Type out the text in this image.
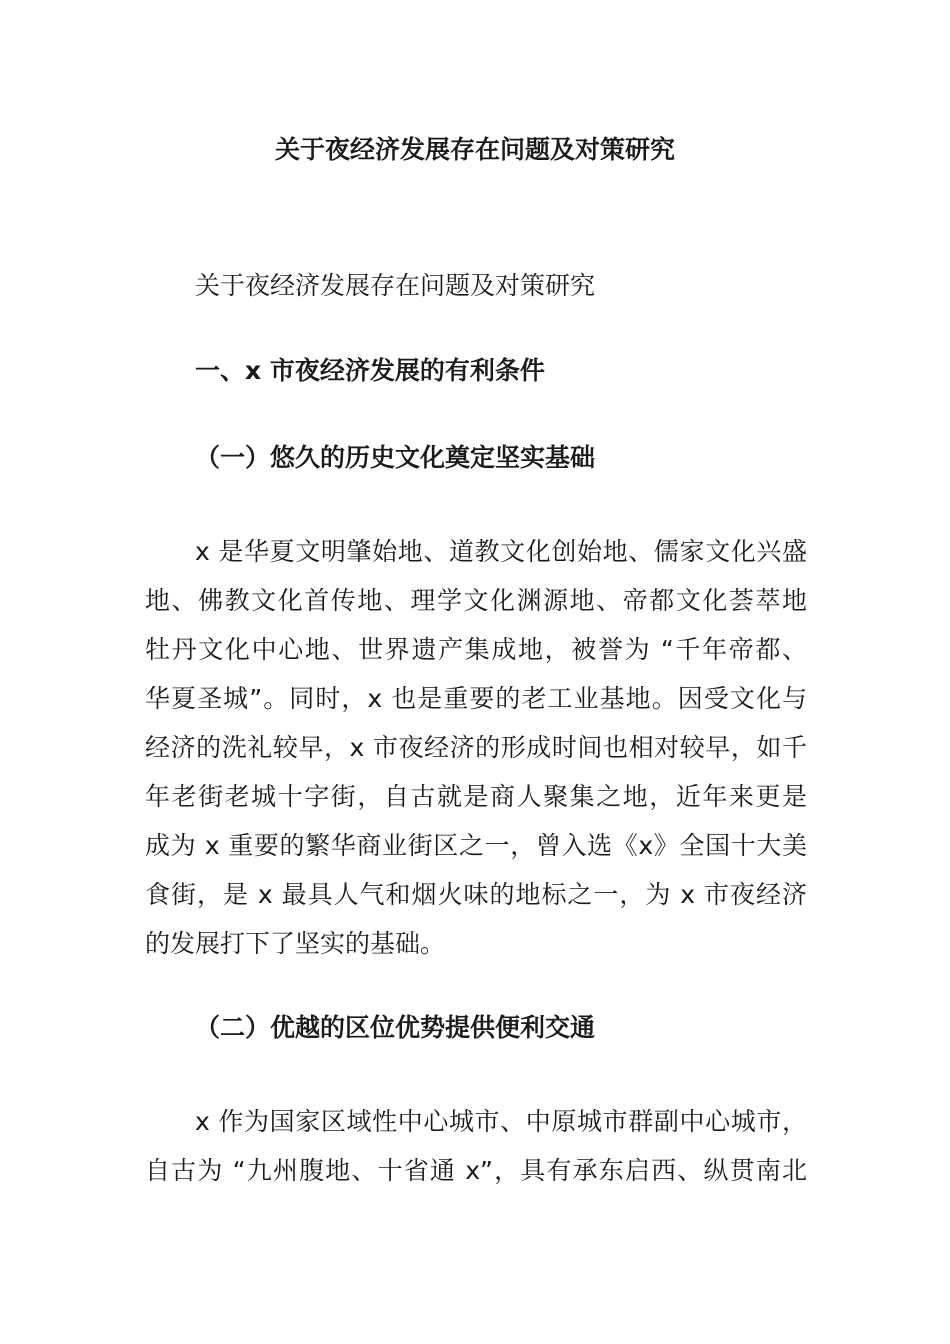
关于夜经济发展存在问题及对策研究

关于夜经济发展存在问题及对策研究

一、x 市夜经济发展的有利条件
（一）悠久的历史文化奠定坚实基础
x 是华夏文明肇始地、道教文化创始地、儒家文化兴盛
地、佛教文化首传地、理学文化渊源地、帝都文化荟萃地
牡丹文化中心地、世界遗产集成地，被誉为 “千年帝都、
华夏圣城”。同时，x 也是重要的老工业基地。因受文化与
经济的洗礼较早，x 市夜经济的形成时间也相对较早，如千
年老街老城十字街，自古就是商人聚集之地，近年来更是
成为 x 重要的繁华商业街区之一，曾入选《x》全国十大美
食街，是 x 最具人气和烟火味的地标之一，为 x 市夜经济
的发展打下了坚实的基础。
（二）优越的区位优势提供便利交通
x 作为国家区域性中心城市、中原城市群副中心城市，
自古为 “九州腹地、十省通 x”，具有承东启西、纵贯南北
